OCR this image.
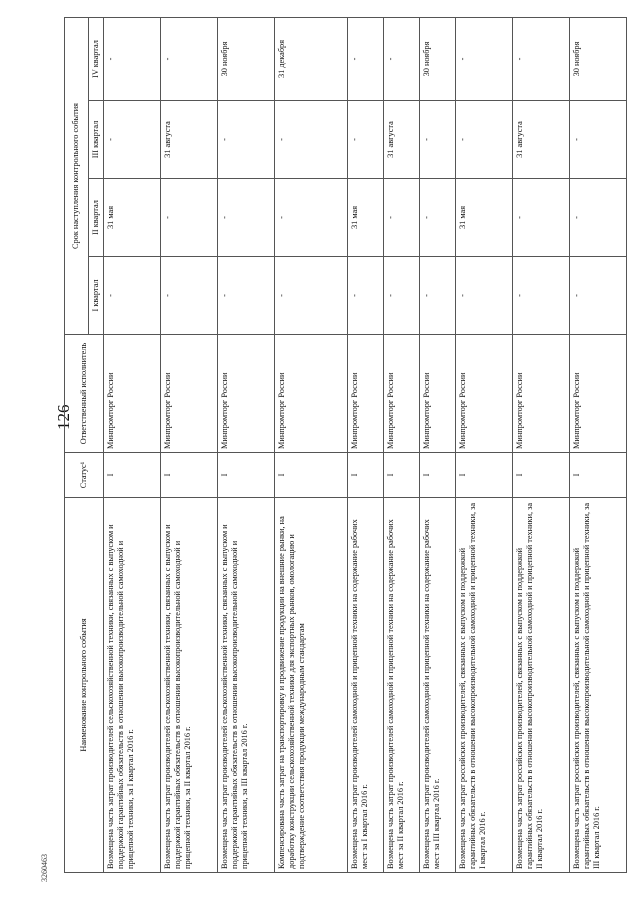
126
3260463
Наименование контрольного события	Статус¹	Ответственный исполнитель	Срок наступления контрольного события			
			I квартал	II квартал	III квартал	IV квартал
Возмещена часть затрат производителей сельскохозяйственной техники, связанных с выпуском и поддержкой гарантийных обязательств в отношении высокопроизводительной самоходной и прицепной техники, за I квартал 2016 г.	I	Минпромторг России	-	31 мая	-	-
Возмещена часть затрат производителей сельскохозяйственной техники, связанных с выпуском и поддержкой гарантийных обязательств в отношении высокопроизводительной самоходной и прицепной техники, за II квартал 2016 г.	I	Минпромторг России	-	-	31 августа	-
Возмещена часть затрат производителей сельскохозяйственной техники, связанных с выпуском и поддержкой гарантийных обязательств в отношении высокопроизводительной самоходной и прицепной техники, за III квартал 2016 г.	I	Минпромторг России	-	-	-	30 ноября
Компенсирована часть затрат на транспортировку и продвижение продукции на внешние рынки, на доработку конструкции сельскохозяйственной техники для экспортных рынков, омологацию и подтверждение соответствия продукции международным стандартам	I	Минпромторг России	-	-	-	31 декабря
Возмещена часть затрат производителей самоходной и прицепной техники на содержание рабочих мест за I квартал 2016 г.	I	Минпромторг России	-	31 мая	-	-
Возмещена часть затрат производителей самоходной и прицепной техники на содержание рабочих мест за II квартал 2016 г.	I	Минпромторг России	-	-	31 августа	-
Возмещена часть затрат производителей самоходной и прицепной техники на содержание рабочих мест за III квартал 2016 г.	I	Минпромторг России	-	-	-	30 ноября
Возмещена часть затрат российских производителей, связанных с выпуском и поддержкой гарантийных обязательств в отношении высокопроизводительной самоходной и прицепной техники, за I квартал 2016 г.	I	Минпромторг России	-	31 мая	-	-
Возмещена часть затрат российских производителей, связанных с выпуском и поддержкой гарантийных обязательств в отношении высокопроизводительной самоходной и прицепной техники, за II квартал 2016 г.	I	Минпромторг России	-	-	31 августа	-
Возмещена часть затрат российских производителей, связанных с выпуском и поддержкой гарантийных обязательств в отношении высокопроизводительной самоходной и прицепной техники, за III квартал 2016 г.	I	Минпромторг России	-	-	-	30 ноября
